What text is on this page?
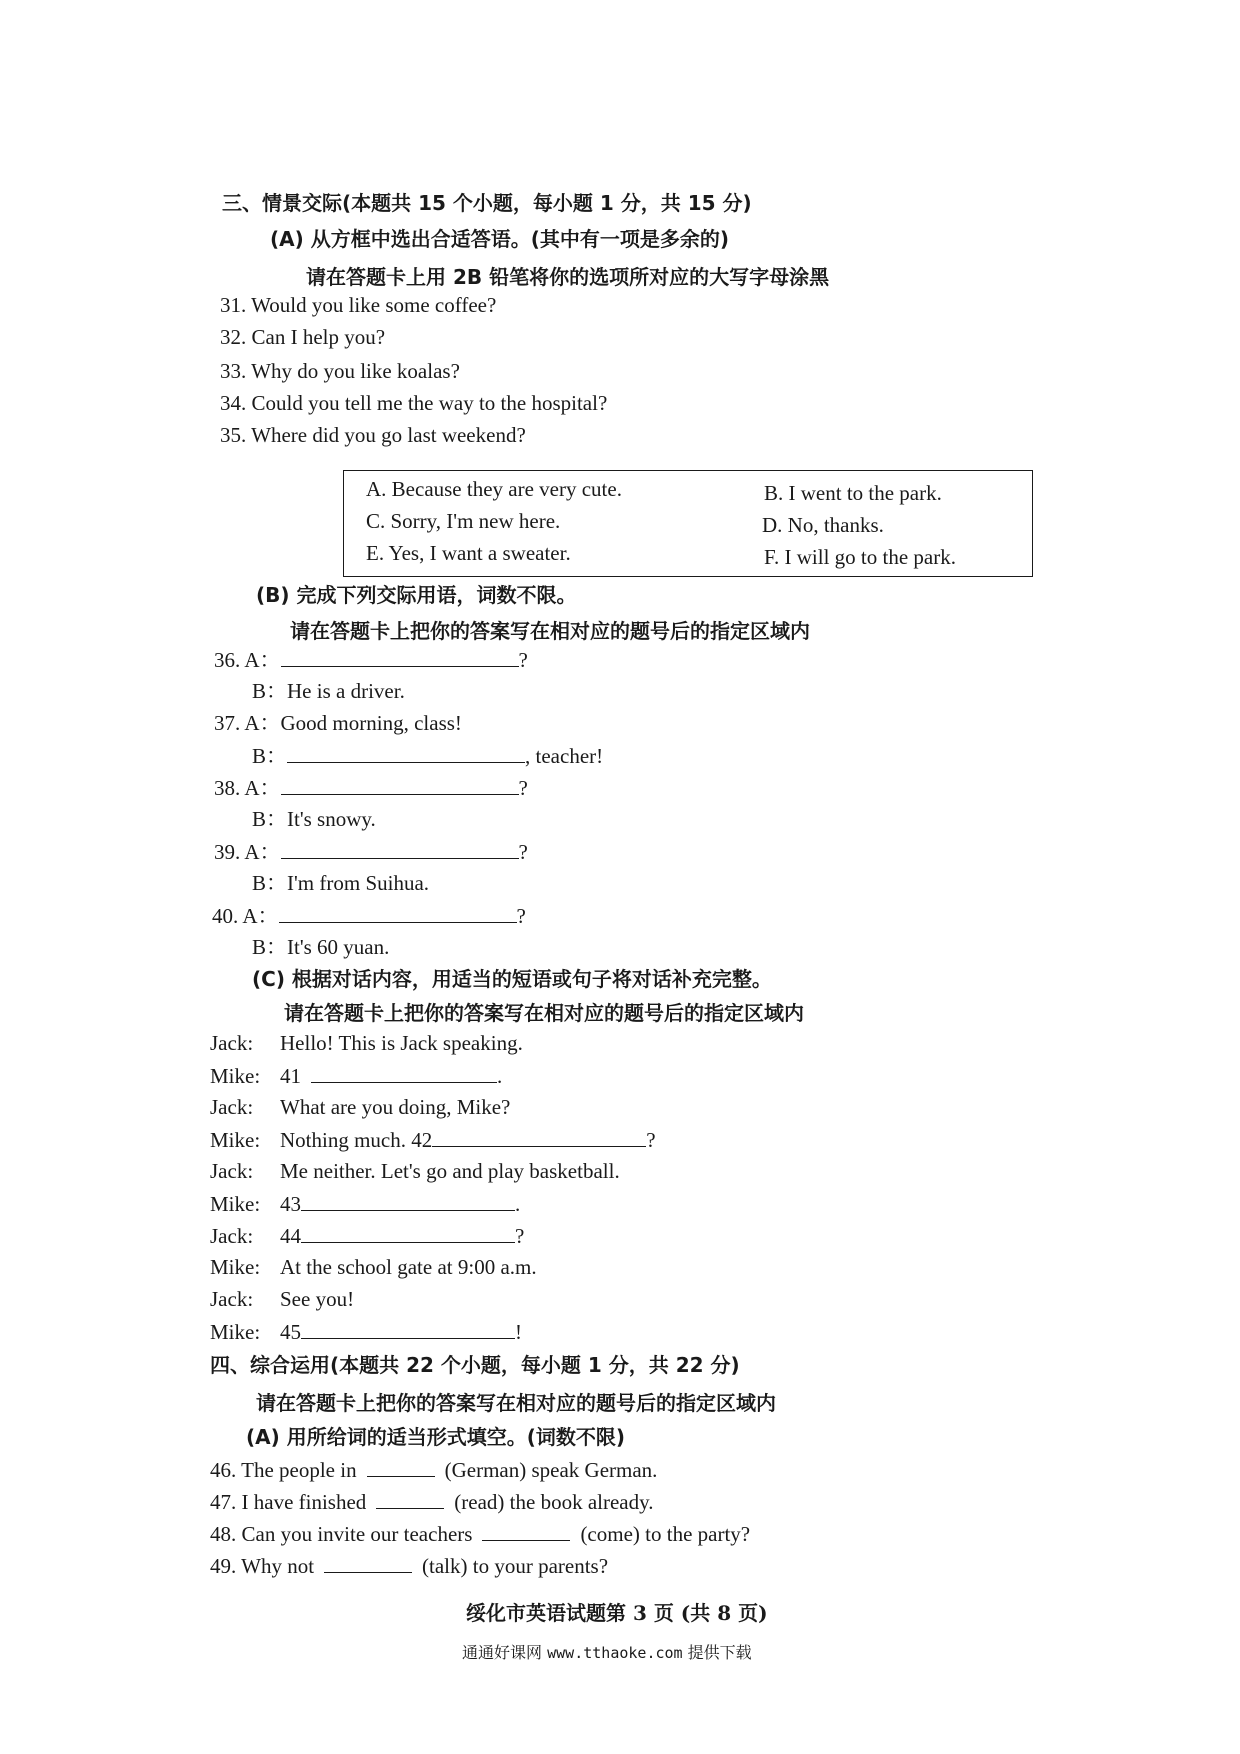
三、情景交际(本题共 15 个小题，每小题 1 分，共 15 分)
(A) 从方框中选出合适答语。(其中有一项是多余的)
请在答题卡上用 2B 铅笔将你的选项所对应的大写字母涂黑
31. Would you like some coffee?
32. Can I help you?
33. Why do you like koalas?
34. Could you tell me the way to the hospital?
35. Where did you go last weekend?
A. Because they are very cute.	B. I went to the park.
C. Sorry, I'm new here.	D. No, thanks.
E. Yes, I want a sweater.	F. I will go to the park.
(B) 完成下列交际用语，词数不限。
请在答题卡上把你的答案写在相对应的题号后的指定区域内
36. A：	?
B：He is a driver.
37. A：Good morning, class!
B：	, teacher!
38. A：	?
B：It's snowy.
39. A：	?
B：I'm from Suihua.
40. A：	?
B：It's 60 yuan.
(C) 根据对话内容，用适当的短语或句子将对话补充完整。
请在答题卡上把你的答案写在相对应的题号后的指定区域内
Jack: Hello! This is Jack speaking.
Mike: 41	.
Jack: What are you doing, Mike?
Mike: Nothing much. 42	?
Jack: Me neither. Let's go and play basketball.
Mike: 43	.
Jack: 44	?
Mike: At the school gate at 9:00 a.m.
Jack: See you!
Mike: 45	!
四、综合运用(本题共 22 个小题，每小题 1 分，共 22 分)
请在答题卡上把你的答案写在相对应的题号后的指定区域内
(A) 用所给词的适当形式填空。(词数不限)
46. The people in	(German) speak German.
47. I have finished	(read) the book already.
48. Can you invite our teachers	(come) to the party?
49. Why not	(talk) to your parents?
绥化市英语试题第 3 页 (共 8 页)
通通好课网 www.tthaoke.com 提供下载
